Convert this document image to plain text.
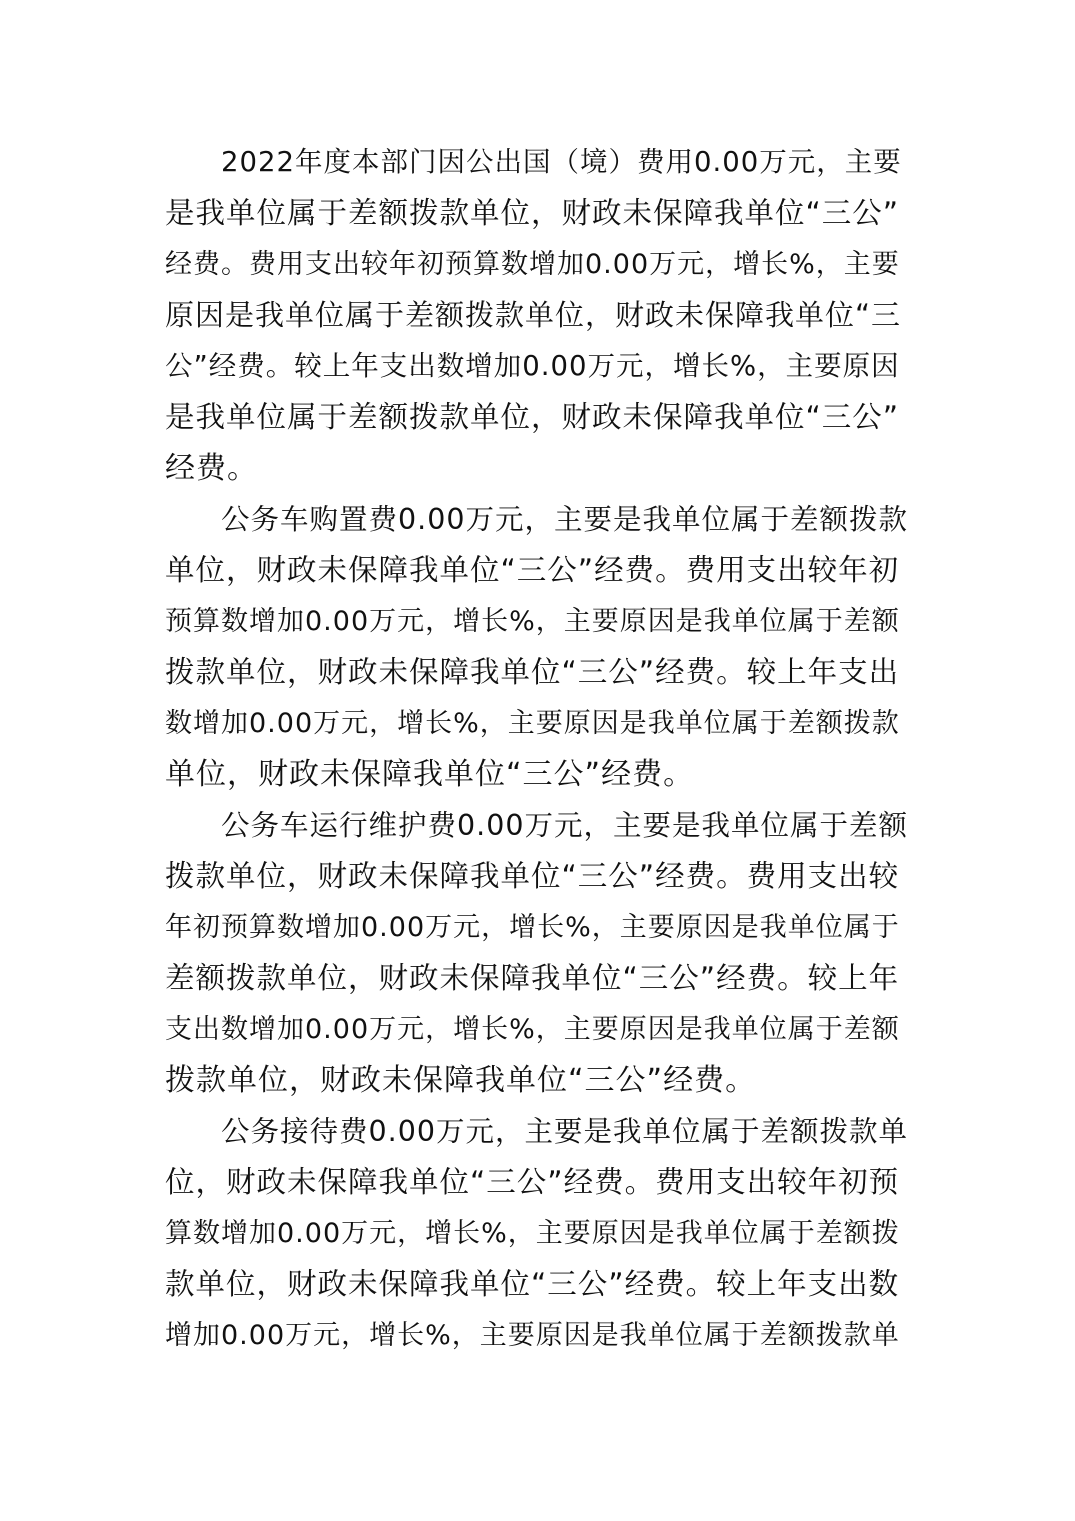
2022年度本部门因公出国（境）费用0.00万元，主要
是我单位属于差额拨款单位，财政未保障我单位“三公”
经费。费用支出较年初预算数增加0.00万元，增长%，主要
原因是我单位属于差额拨款单位，财政未保障我单位“三
公”经费。较上年支出数增加0.00万元，增长%，主要原因
是我单位属于差额拨款单位，财政未保障我单位“三公”
经费。

公务车购置费0.00万元，主要是我单位属于差额拨款
单位，财政未保障我单位“三公”经费。费用支出较年初
预算数增加0.00万元，增长%，主要原因是我单位属于差额
拨款单位，财政未保障我单位“三公”经费。较上年支出
数增加0.00万元，增长%，主要原因是我单位属于差额拨款
单位，财政未保障我单位“三公”经费。

公务车运行维护费0.00万元，主要是我单位属于差额
拨款单位，财政未保障我单位“三公”经费。费用支出较
年初预算数增加0.00万元，增长%，主要原因是我单位属于
差额拨款单位，财政未保障我单位“三公”经费。较上年
支出数增加0.00万元，增长%，主要原因是我单位属于差额
拨款单位，财政未保障我单位“三公”经费。

公务接待费0.00万元，主要是我单位属于差额拨款单
位，财政未保障我单位“三公”经费。费用支出较年初预
算数增加0.00万元，增长%，主要原因是我单位属于差额拨
款单位，财政未保障我单位“三公”经费。较上年支出数
增加0.00万元，增长%，主要原因是我单位属于差额拨款单
